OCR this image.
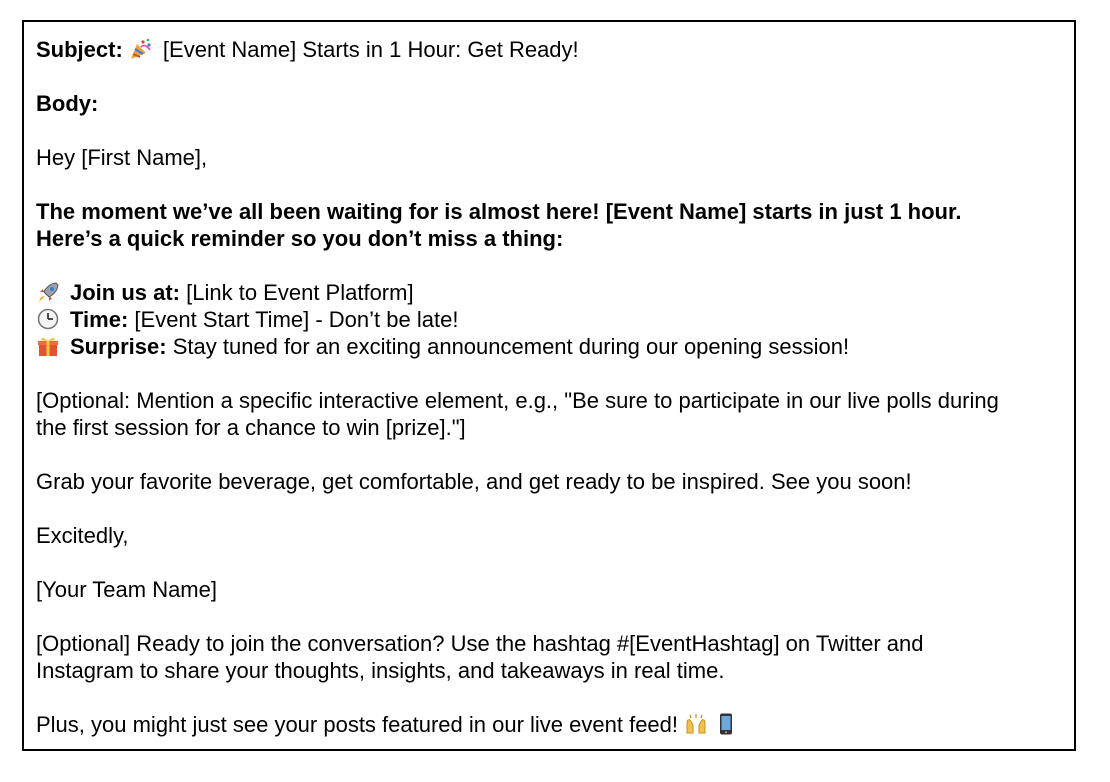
Subject: [Event Name] Starts in 1 Hour: Get Ready!

Body:

Hey [First Name],

The moment we’ve all been waiting for is almost here! [Event Name] starts in just 1 hour.
Here’s a quick reminder so you don’t miss a thing:

Join us at: [Link to Event Platform]
Time: [Event Start Time] - Don’t be late!
Surprise: Stay tuned for an exciting announcement during our opening session!

[Optional: Mention a specific interactive element, e.g., "Be sure to participate in our live polls during
the first session for a chance to win [prize]."]

Grab your favorite beverage, get comfortable, and get ready to be inspired. See you soon!

Excitedly,

[Your Team Name]

[Optional] Ready to join the conversation? Use the hashtag #[EventHashtag] on Twitter and
Instagram to share your thoughts, insights, and takeaways in real time.

Plus, you might just see your posts featured in our live event feed!
